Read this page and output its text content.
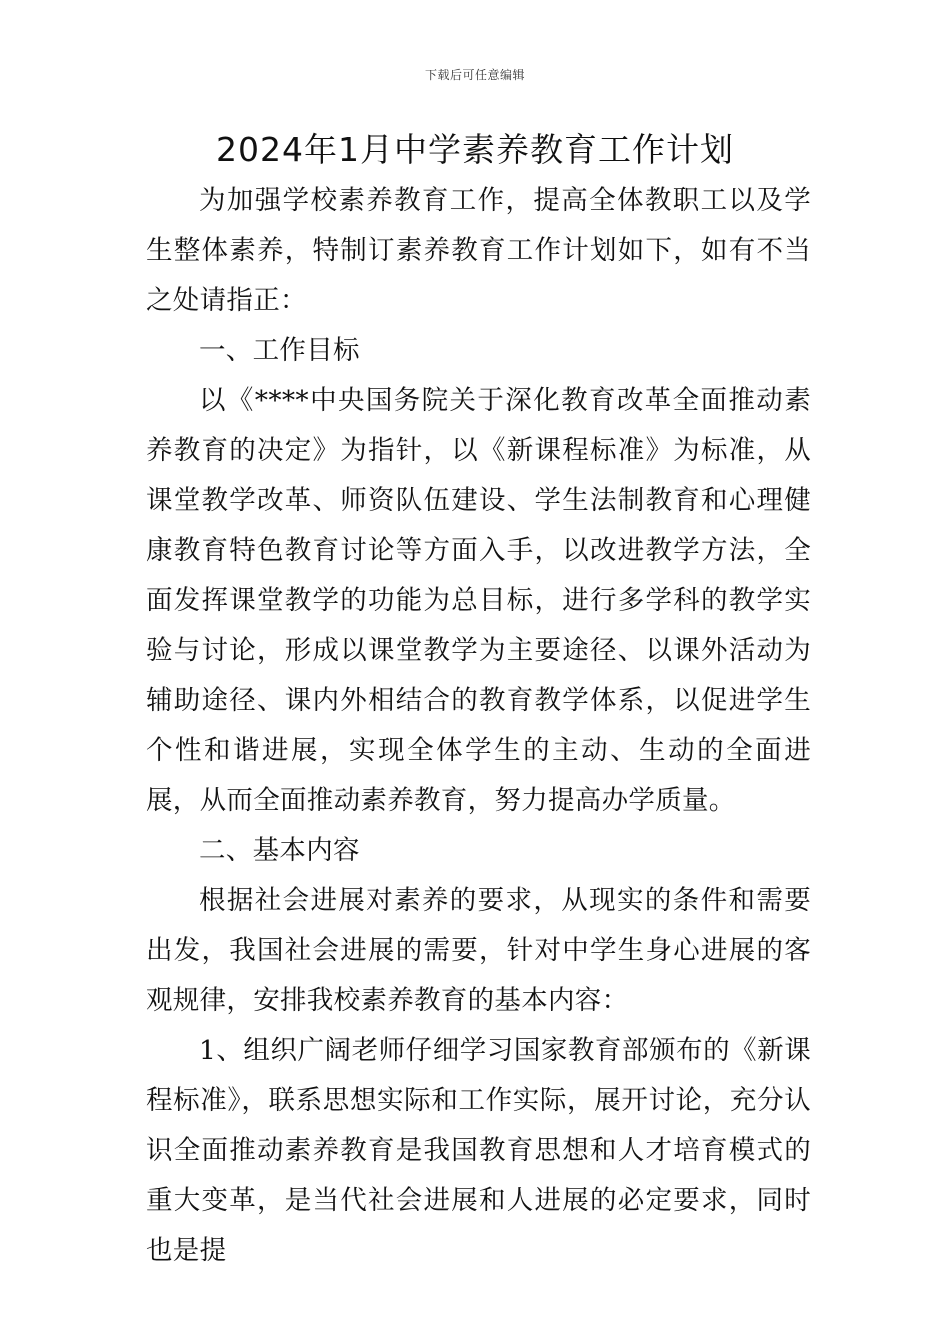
下载后可任意编辑
2024年1月中学素养教育工作计划

为加强学校素养教育工作，提高全体教职工以及学生整体素养，特制订素养教育工作计划如下，如有不当之处请指正：

一、工作目标

以《****中央国务院关于深化教育改革全面推动素养教育的决定》为指针，以《新课程标准》为标准，从课堂教学改革、师资队伍建设、学生法制教育和心理健康教育特色教育讨论等方面入手，以改进教学方法，全面发挥课堂教学的功能为总目标，进行多学科的教学实验与讨论，形成以课堂教学为主要途径、以课外活动为辅助途径、课内外相结合的教育教学体系，以促进学生个性和谐进展，实现全体学生的主动、生动的全面进展，从而全面推动素养教育，努力提高办学质量。

二、基本内容

根据社会进展对素养的要求，从现实的条件和需要出发，我国社会进展的需要，针对中学生身心进展的客观规律，安排我校素养教育的基本内容：

1、组织广阔老师仔细学习国家教育部颁布的《新课程标准》，联系思想实际和工作实际，展开讨论，充分认识全面推动素养教育是我国教育思想和人才培育模式的重大变革，是当代社会进展和人进展的必定要求，同时也是提
